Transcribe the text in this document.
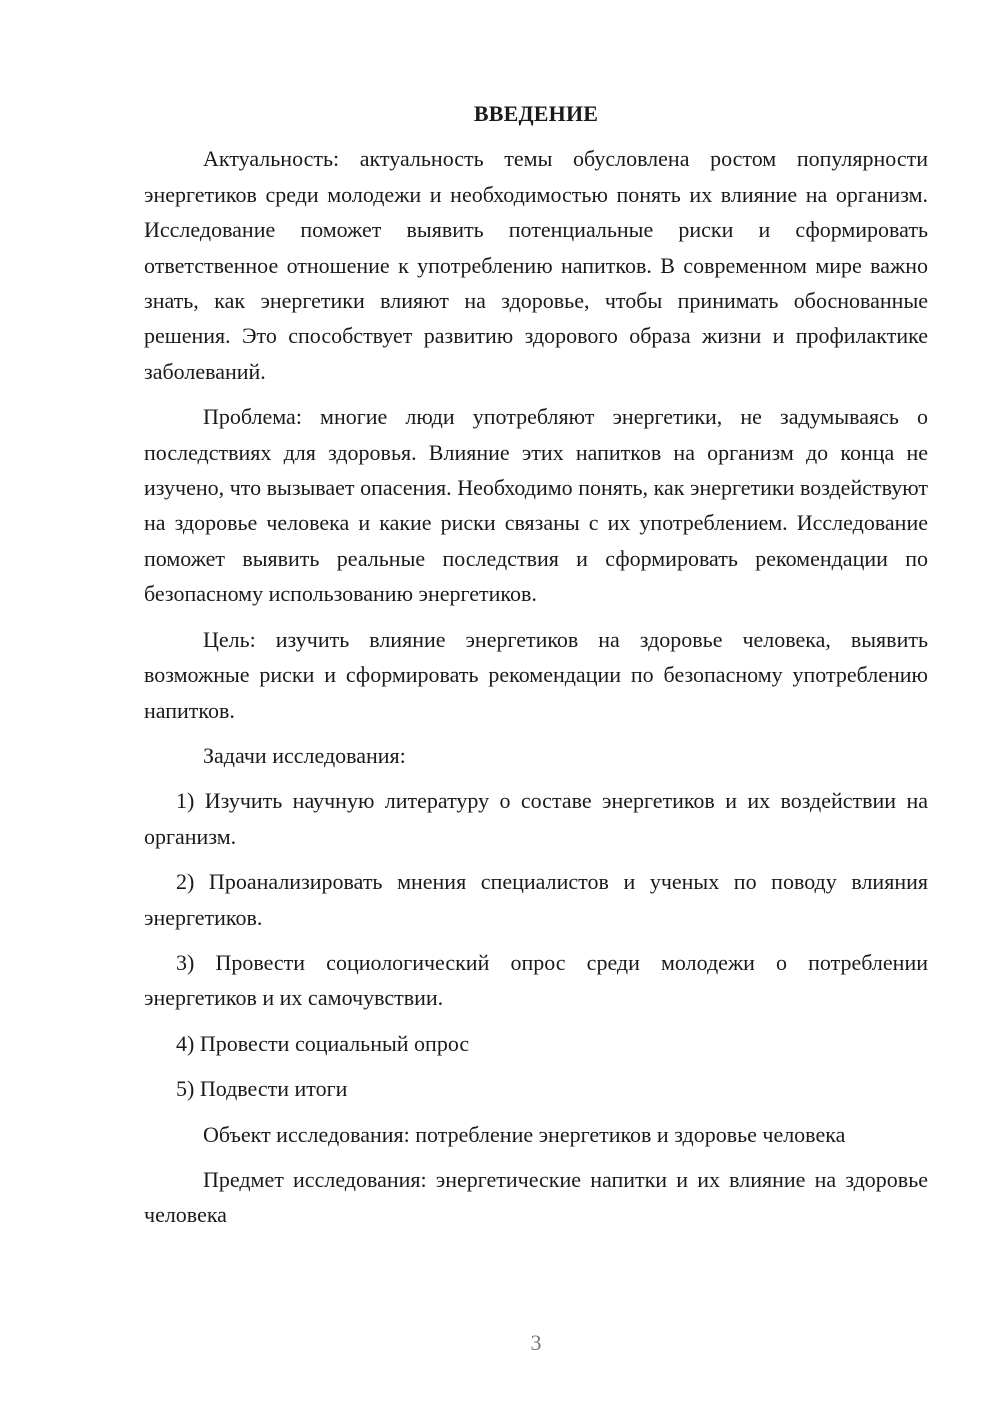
ВВЕДЕНИЕ

Актуальность: актуальность темы обусловлена ростом популярности энергетиков среди молодежи и необходимостью понять их влияние на организм. Исследование поможет выявить потенциальные риски и сформировать ответственное отношение к употреблению напитков. В современном мире важно знать, как энергетики влияют на здоровье, чтобы принимать обоснованные решения. Это способствует развитию здорового образа жизни и профилактике заболеваний.

Проблема: многие люди употребляют энергетики, не задумываясь о последствиях для здоровья. Влияние этих напитков на организм до конца не изучено, что вызывает опасения. Необходимо понять, как энергетики воздействуют на здоровье человека и какие риски связаны с их употреблением. Исследование поможет выявить реальные последствия и сформировать рекомендации по безопасному использованию энергетиков.

Цель: изучить влияние энергетиков на здоровье человека, выявить возможные риски и сформировать рекомендации по безопасному употреблению напитков.

Задачи исследования:

1) Изучить научную литературу о составе энергетиков и их воздействии на организм.

2) Проанализировать мнения специалистов и ученых по поводу влияния энергетиков.

3) Провести социологический опрос среди молодежи о потреблении энергетиков и их самочувствии.

4) Провести социальный опрос

5) Подвести итоги

Объект исследования: потребление энергетиков и здоровье человека

Предмет исследования: энергетические напитки и их влияние на здоровье человека

3
